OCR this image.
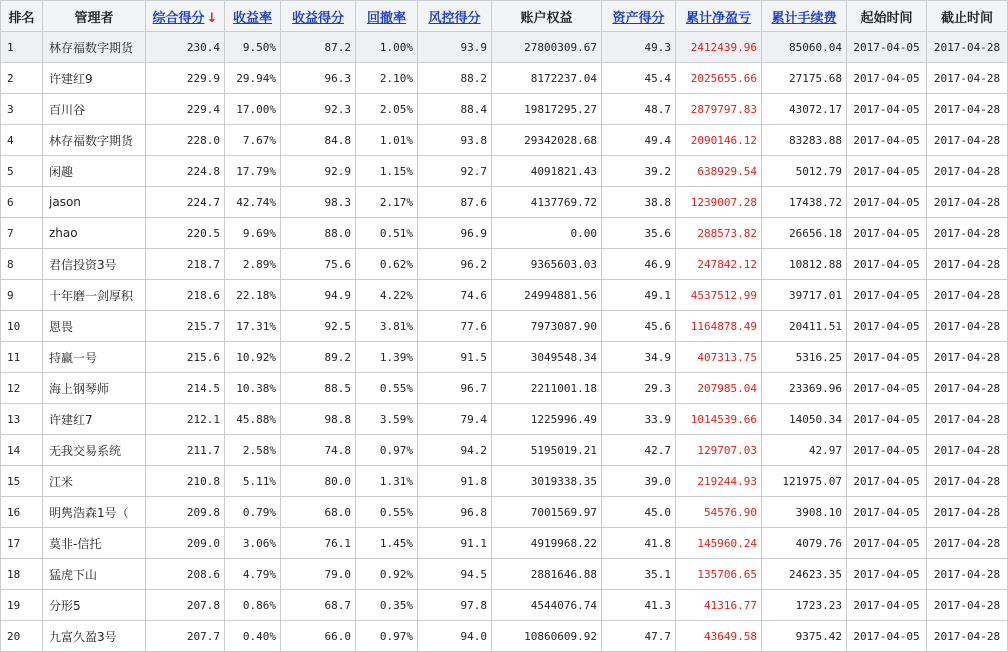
排名	管理者	综合得分 ↓	收益率	收益得分	回撤率	风控得分	账户权益	资产得分	累计净盈亏	累计手续费	起始时间	截止时间
1	林存福数字期货	230.4	9.50%	87.2	1.00%	93.9	27800309.67	49.3	2412439.96	85060.04	2017-04-05	2017-04-28
2	许建红9	229.9	29.94%	96.3	2.10%	88.2	8172237.04	45.4	2025655.66	27175.68	2017-04-05	2017-04-28
3	百川谷	229.4	17.00%	92.3	2.05%	88.4	19817295.27	48.7	2879797.83	43072.17	2017-04-05	2017-04-28
4	林存福数字期货	228.0	7.67%	84.8	1.01%	93.8	29342028.68	49.4	2090146.12	83283.88	2017-04-05	2017-04-28
5	闲趣	224.8	17.79%	92.9	1.15%	92.7	4091821.43	39.2	638929.54	5012.79	2017-04-05	2017-04-28
6	jason	224.7	42.74%	98.3	2.17%	87.6	4137769.72	38.8	1239007.28	17438.72	2017-04-05	2017-04-28
7	zhao	220.5	9.69%	88.0	0.51%	96.9	0.00	35.6	288573.82	26656.18	2017-04-05	2017-04-28
8	君信投资3号	218.7	2.89%	75.6	0.62%	96.2	9365603.03	46.9	247842.12	10812.88	2017-04-05	2017-04-28
9	十年磨一剑厚积	218.6	22.18%	94.9	4.22%	74.6	24994881.56	49.1	4537512.99	39717.01	2017-04-05	2017-04-28
10	恩畏	215.7	17.31%	92.5	3.81%	77.6	7973087.90	45.6	1164878.49	20411.51	2017-04-05	2017-04-28
11	持赢一号	215.6	10.92%	89.2	1.39%	91.5	3049548.34	34.9	407313.75	5316.25	2017-04-05	2017-04-28
12	海上钢琴师	214.5	10.38%	88.5	0.55%	96.7	2211001.18	29.3	207985.04	23369.96	2017-04-05	2017-04-28
13	许建红7	212.1	45.88%	98.8	3.59%	79.4	1225996.49	33.9	1014539.66	14050.34	2017-04-05	2017-04-28
14	无我交易系统	211.7	2.58%	74.8	0.97%	94.2	5195019.21	42.7	129707.03	42.97	2017-04-05	2017-04-28
15	江米	210.8	5.11%	80.0	1.31%	91.8	3019338.35	39.0	219244.93	121975.07	2017-04-05	2017-04-28
16	明隽浩森1号（	209.8	0.79%	68.0	0.55%	96.8	7001569.97	45.0	54576.90	3908.10	2017-04-05	2017-04-28
17	莫非-信托	209.0	3.06%	76.1	1.45%	91.1	4919968.22	41.8	145960.24	4079.76	2017-04-05	2017-04-28
18	猛虎下山	208.6	4.79%	79.0	0.92%	94.5	2881646.88	35.1	135706.65	24623.35	2017-04-05	2017-04-28
19	分形5	207.8	0.86%	68.7	0.35%	97.8	4544076.74	41.3	41316.77	1723.23	2017-04-05	2017-04-28
20	九富久盈3号	207.7	0.40%	66.0	0.97%	94.0	10860609.92	47.7	43649.58	9375.42	2017-04-05	2017-04-28
